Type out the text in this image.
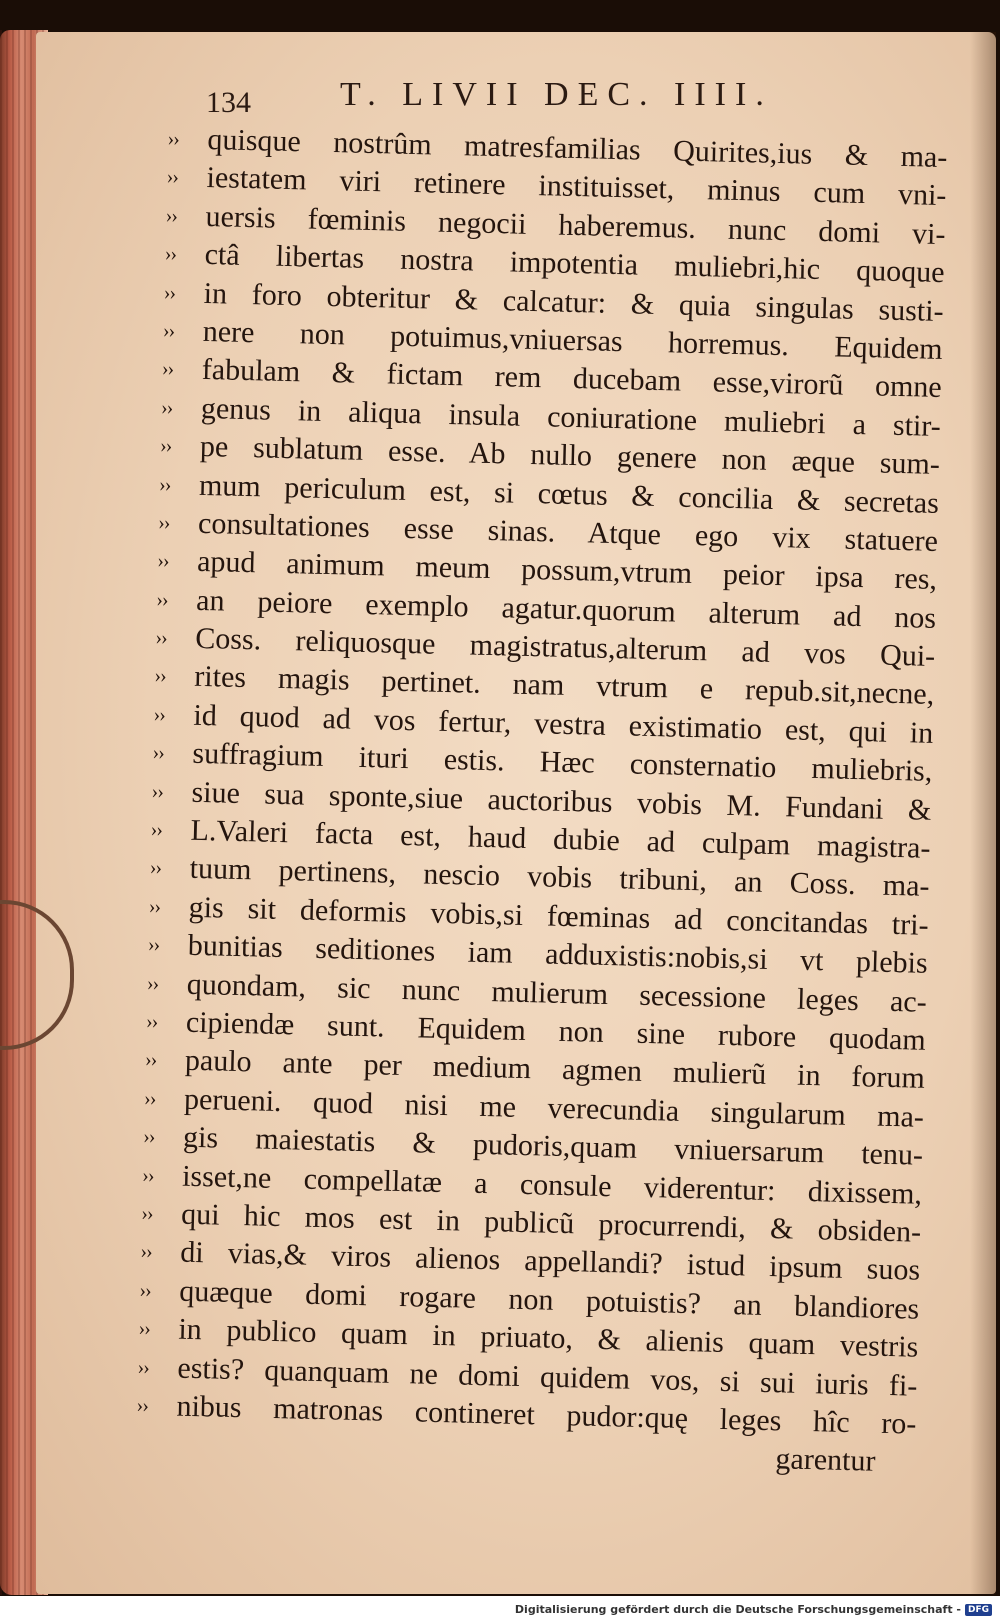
134	T. LIVII DEC. IIII.
›› quisque nostrûm matresfamilias Quirites,ius & ma-
›› iestatem viri retinere instituisset, minus cum vni-
›› uersis fœminis negocii haberemus. nunc domi vi-
›› ctâ libertas nostra impotentia muliebri,hic quoque
›› in foro obteritur & calcatur: & quia singulas susti-
›› nere non potuimus,vniuersas horremus. Equidem
›› fabulam & fictam rem ducebam esse,virorũ omne
›› genus in aliqua insula coniuratione muliebri a stir-
›› pe sublatum esse. Ab nullo genere non æque sum-
›› mum periculum est, si cœtus & concilia & secretas
›› consultationes esse sinas. Atque ego vix statuere
›› apud animum meum possum,vtrum peior ipsa res,
›› an peiore exemplo agatur.quorum alterum ad nos
›› Coss. reliquosque magistratus,alterum ad vos Qui-
›› rites magis pertinet. nam vtrum e repub.sit,necne,
›› id quod ad vos fertur, vestra existimatio est, qui in
›› suffragium ituri estis. Hæc consternatio muliebris,
›› siue sua sponte,siue auctoribus vobis M. Fundani &
›› L.Valeri facta est, haud dubie ad culpam magistra-
›› tuum pertinens, nescio vobis tribuni, an Coss. ma-
›› gis sit deformis vobis,si fœminas ad concitandas tri-
›› bunitias seditiones iam adduxistis:nobis,si vt plebis
›› quondam, sic nunc mulierum secessione leges ac-
›› cipiendæ sunt. Equidem non sine rubore quodam
›› paulo ante per medium agmen mulierũ in forum
›› perueni. quod nisi me verecundia singularum ma-
›› gis maiestatis & pudoris,quam vniuersarum tenu-
›› isset,ne compellatæ a consule viderentur: dixissem,
›› qui hic mos est in publicũ procurrendi, & obsiden-
›› di vias,& viros alienos appellandi? istud ipsum suos
›› quæque domi rogare non potuistis? an blandiores
›› in publico quam in priuato, & alienis quam vestris
›› estis? quanquam ne domi quidem vos, si sui iuris fi-
›› nibus matronas contineret pudor:quę leges hîc ro-
garentur
Digitalisierung gefördert durch die Deutsche Forschungsgemeinschaft - DFG
